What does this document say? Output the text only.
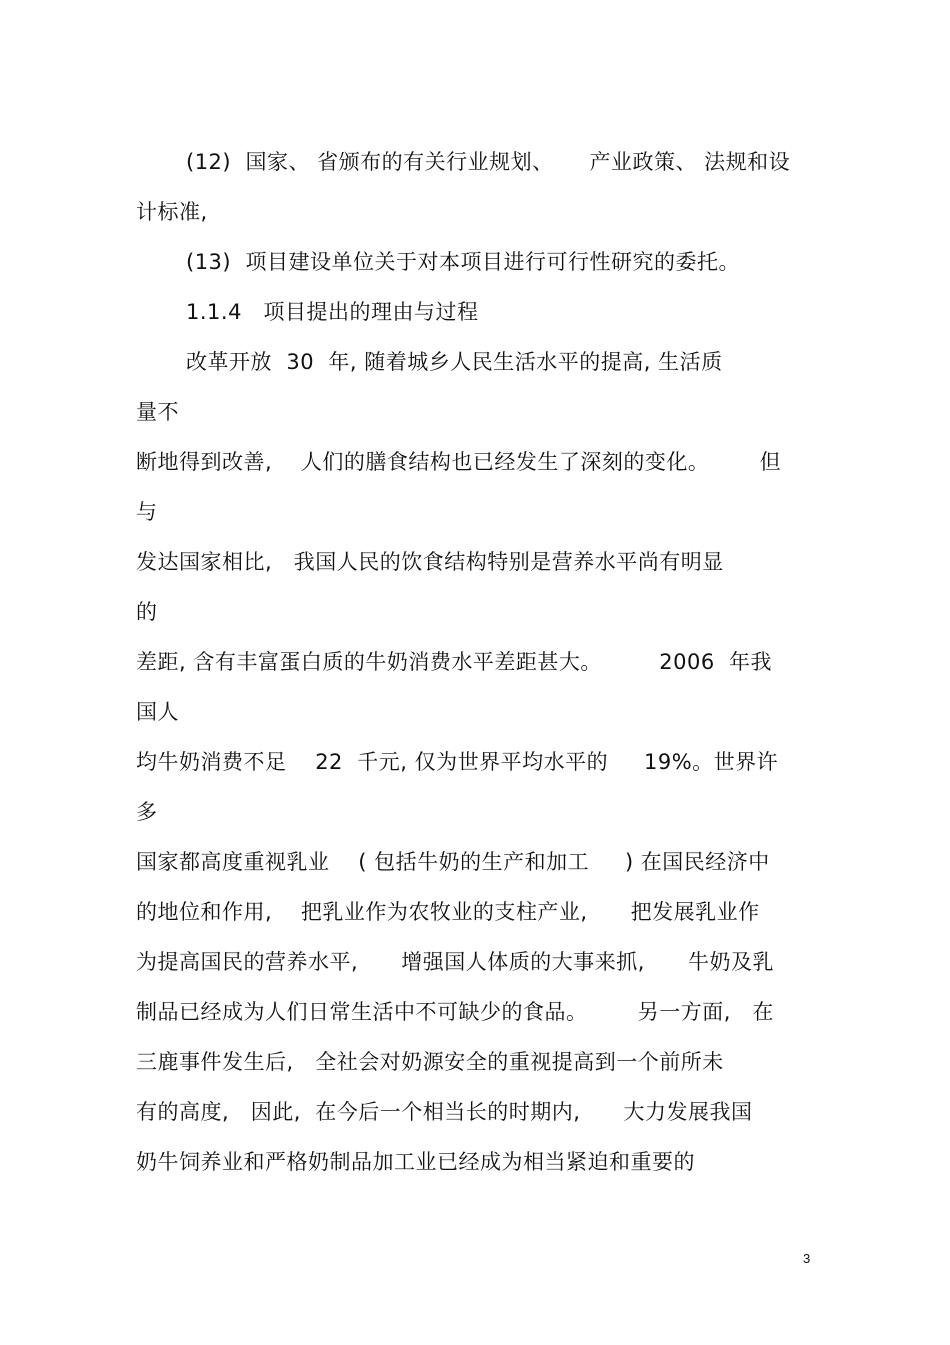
(12)  国家、 省颁布的有关行业规划、     产业政策、 法规和设
计标准,
(13)  项目建设单位关于对本项目进行可行性研究的委托。
1.1.4   项目提出的理由与过程
改革开放  30  年, 随着城乡人民生活水平的提高, 生活质
量不
断地得到改善,    人们的膳食结构也已经发生了深刻的变化。       但
与
发达国家相比,   我国人民的饮食结构特别是营养水平尚有明显
的
差距, 含有丰富蛋白质的牛奶消费水平差距甚大。        2006  年我
国人
均牛奶消费不足    22  千元, 仅为世界平均水平的     19%。世界许
多
国家都高度重视乳业    ( 包括牛奶的生产和加工     ) 在国民经济中
的地位和作用,    把乳业作为农牧业的支柱产业,      把发展乳业作
为提高国民的营养水平,      增强国人体质的大事来抓,      牛奶及乳
制品已经成为人们日常生活中不可缺少的食品。       另一方面,   在
三鹿事件发生后,   全社会对奶源安全的重视提高到一个前所未
有的高度,   因此,  在今后一个相当长的时期内,      大力发展我国
奶牛饲养业和严格奶制品加工业已经成为相当紧迫和重要的
3
